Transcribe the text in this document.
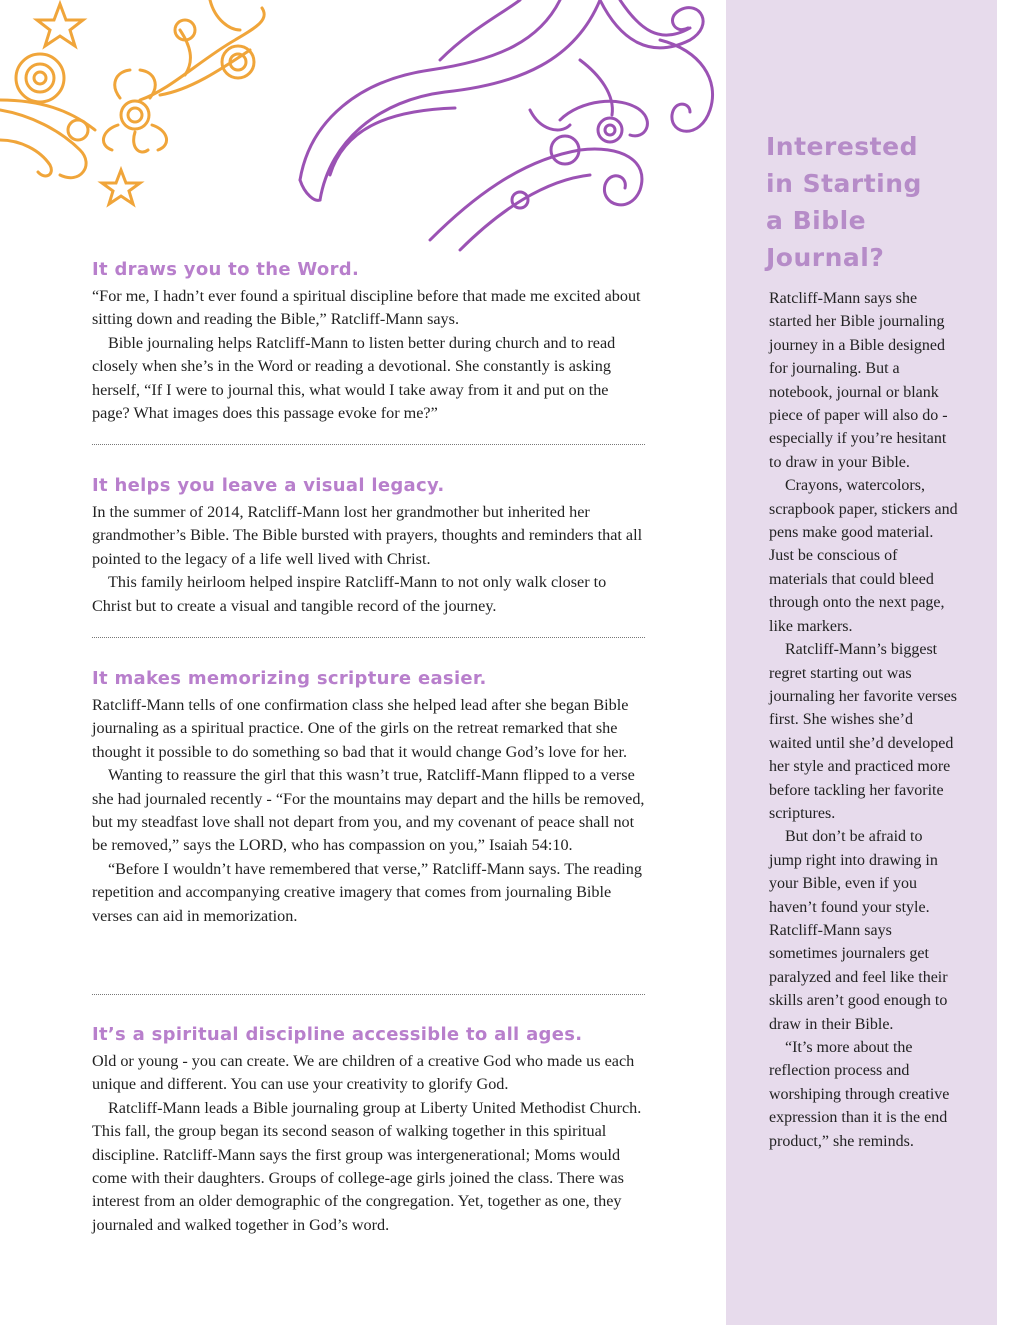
Interested
in Starting
a Bible
Journal?

Ratcliff-Mann says she started her Bible journaling journey in a Bible designed for journaling. But a notebook, journal or blank piece of paper will also do - especially if you’re hesitant to draw in your Bible.

Crayons, watercolors, scrapbook paper, stickers and pens make good material. Just be conscious of materials that could bleed through onto the next page, like markers.

Ratcliff-Mann’s biggest regret starting out was journaling her favorite verses first. She wishes she’d waited until she’d developed her style and practiced more before tackling her favorite scriptures.

But don’t be afraid to jump right into drawing in your Bible, even if you haven’t found your style. Ratcliff-Mann says sometimes journalers get paralyzed and feel like their skills aren’t good enough to draw in their Bible.

“It’s more about the reflection process and worshiping through creative expression than it is the end product,” she reminds.

It draws you to the Word.

“For me, I hadn’t ever found a spiritual discipline before that made me excited about sitting down and reading the Bible,” Ratcliff-Mann says.

Bible journaling helps Ratcliff-Mann to listen better during church and to read closely when she’s in the Word or reading a devotional. She constantly is asking herself, “If I were to journal this, what would I take away from it and put on the page? What images does this passage evoke for me?”

It helps you leave a visual legacy.

In the summer of 2014, Ratcliff-Mann lost her grandmother but inherited her grandmother’s Bible. The Bible bursted with prayers, thoughts and reminders that all pointed to the legacy of a life well lived with Christ.

This family heirloom helped inspire Ratcliff-Mann to not only walk closer to Christ but to create a visual and tangible record of the journey.

It makes memorizing scripture easier.

Ratcliff-Mann tells of one confirmation class she helped lead after she began Bible journaling as a spiritual practice. One of the girls on the retreat remarked that she thought it possible to do something so bad that it would change God’s love for her.

Wanting to reassure the girl that this wasn’t true, Ratcliff-Mann flipped to a verse she had journaled recently - “For the mountains may depart and the hills be removed, but my steadfast love shall not depart from you, and my covenant of peace shall not be removed,” says the LORD, who has compassion on you,” Isaiah 54:10.

“Before I wouldn’t have remembered that verse,” Ratcliff-Mann says. The reading repetition and accompanying creative imagery that comes from journaling Bible verses can aid in memorization.

It’s a spiritual discipline accessible to all ages.

Old or young - you can create. We are children of a creative God who made us each unique and different. You can use your creativity to glorify God.

Ratcliff-Mann leads a Bible journaling group at Liberty United Methodist Church. This fall, the group began its second season of walking together in this spiritual discipline. Ratcliff-Mann says the first group was intergenerational; Moms would come with their daughters. Groups of college-age girls joined the class. There was interest from an older demographic of the congregation. Yet, together as one, they journaled and walked together in God’s word.
